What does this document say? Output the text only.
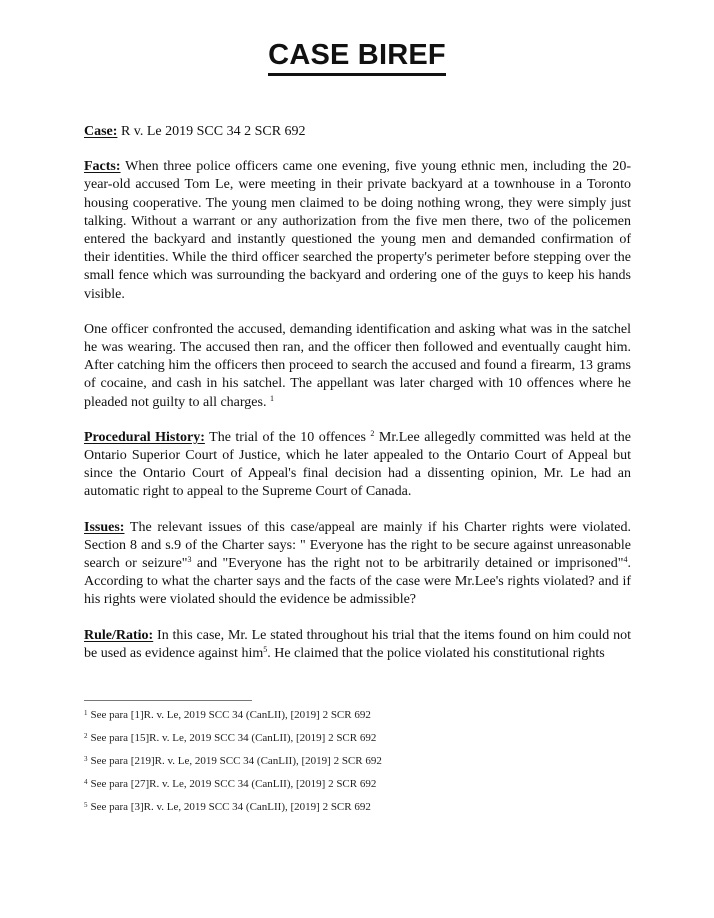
CASE BIREF

Case: R v. Le 2019 SCC 34 2 SCR 692

Facts: When three police officers came one evening, five young ethnic men, including the 20-year-old accused Tom Le, were meeting in their private backyard at a townhouse in a Toronto housing cooperative. The young men claimed to be doing nothing wrong, they were simply just talking. Without a warrant or any authorization from the five men there, two of the policemen entered the backyard and instantly questioned the young men and demanded confirmation of their identities. While the third officer searched the property's perimeter before stepping over the small fence which was surrounding the backyard and ordering one of the guys to keep his hands visible.

One officer confronted the accused, demanding identification and asking what was in the satchel he was wearing. The accused then ran, and the officer then followed and eventually caught him. After catching him the officers then proceed to search the accused and found a firearm, 13 grams of cocaine, and cash in his satchel. The appellant was later charged with 10 offences where he pleaded not guilty to all charges. $^1$

Procedural History: The trial of the 10 offences $^2$ Mr.Lee allegedly committed was held at the Ontario Superior Court of Justice, which he later appealed to the Ontario Court of Appeal but since the Ontario Court of Appeal's final decision had a dissenting opinion, Mr. Le had an automatic right to appeal to the Supreme Court of Canada.

Issues: The relevant issues of this case/appeal are mainly if his Charter rights were violated. Section 8 and s.9 of the Charter says: " Everyone has the right to be secure against unreasonable search or seizure"$^3$ and "Everyone has the right not to be arbitrarily detained or imprisoned"$^4$. According to what the charter says and the facts of the case were Mr.Lee's rights violated? and if his rights were violated should the evidence be admissible?

Rule/Ratio: In this case, Mr. Le stated throughout his trial that the items found on him could not be used as evidence against him$^5$. He claimed that the police violated his constitutional rights

$^1$ See para [1]R. v. Le, 2019 SCC 34 (CanLII), [2019] 2 SCR 692
$^2$ See para [15]R. v. Le, 2019 SCC 34 (CanLII), [2019] 2 SCR 692
$^3$ See para [219]R. v. Le, 2019 SCC 34 (CanLII), [2019] 2 SCR 692
$^4$ See para [27]R. v. Le, 2019 SCC 34 (CanLII), [2019] 2 SCR 692
$^5$ See para [3]R. v. Le, 2019 SCC 34 (CanLII), [2019] 2 SCR 692
